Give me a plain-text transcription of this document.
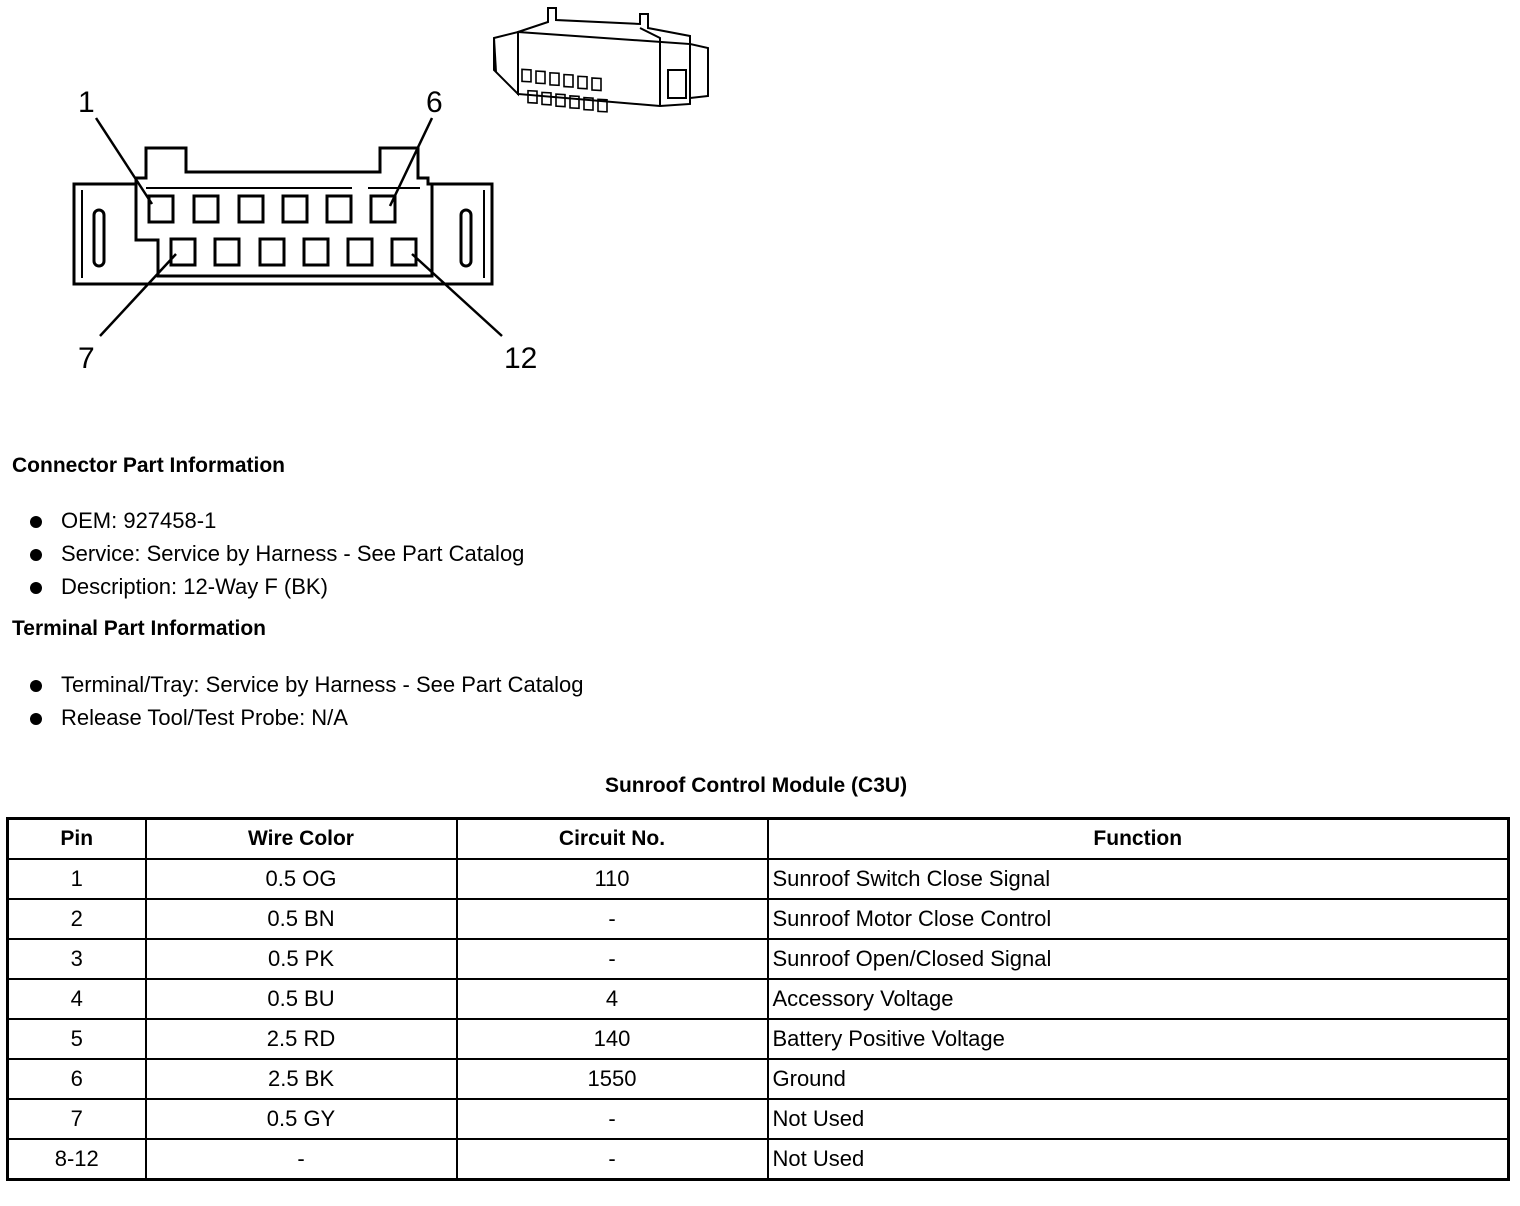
1	6
7	12
Connector Part Information
OEM: 927458-1
Service: Service by Harness - See Part Catalog
Description: 12-Way F (BK)
Terminal Part Information
Terminal/Tray: Service by Harness - See Part Catalog
Release Tool/Test Probe: N/A
Sunroof Control Module (C3U)
Pin	Wire Color	Circuit No.	Function
1	0.5 OG	110	Sunroof Switch Close Signal
2	0.5 BN	-	Sunroof Motor Close Control
3	0.5 PK	-	Sunroof Open/Closed Signal
4	0.5 BU	4	Accessory Voltage
5	2.5 RD	140	Battery Positive Voltage
6	2.5 BK	1550	Ground
7	0.5 GY	-	Not Used
8-12	-	-	Not Used
